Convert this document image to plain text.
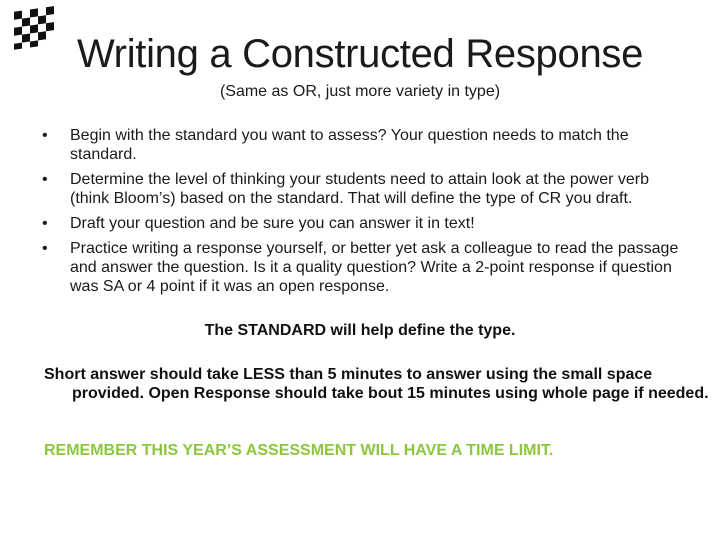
Writing a Constructed Response
(Same as OR, just more variety in type)
• Begin with the standard you want to assess? Your question needs to match the standard.
• Determine the level of thinking your students need to attain look at the power verb (think Bloom’s) based on the standard. That will define the type of CR you draft.
• Draft your question and be sure you can answer it in text!
• Practice writing a response yourself, or better yet ask a colleague to read the passage and answer the question. Is it a quality question? Write a 2-point response if question was SA or 4 point if it was an open response.
The STANDARD will help define the type.
Short answer should take LESS than 5 minutes to answer using the small space provided. Open Response should take bout 15 minutes using whole page if needed.
REMEMBER THIS YEAR’S ASSESSMENT WILL HAVE A TIME LIMIT.
